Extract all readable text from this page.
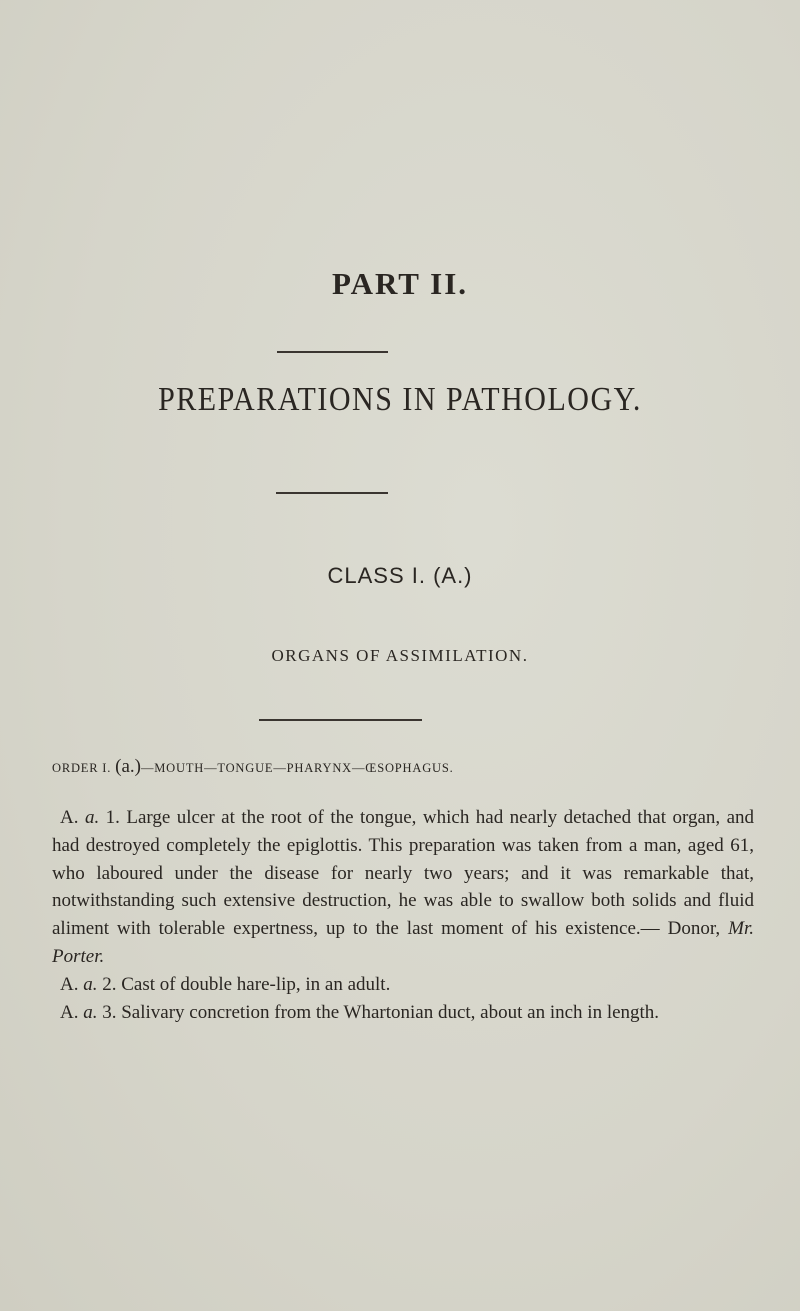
PART II.
PREPARATIONS IN PATHOLOGY.
CLASS I. (A.)
ORGANS OF ASSIMILATION.
ORDER I. (a.)—MOUTH—TONGUE—PHARYNX—ŒSOPHAGUS.

A. a. 1. Large ulcer at the root of the tongue, which had nearly detached that organ, and had destroyed completely the epiglottis. This preparation was taken from a man, aged 61, who laboured under the disease for nearly two years; and it was remarkable that, notwithstanding such extensive destruction, he was able to swallow both solids and fluid aliment with tolerable expertness, up to the last moment of his existence.— Donor, Mr. Porter.

A. a. 2. Cast of double hare-lip, in an adult.

A. a. 3. Salivary concretion from the Whartonian duct, about an inch in length.
